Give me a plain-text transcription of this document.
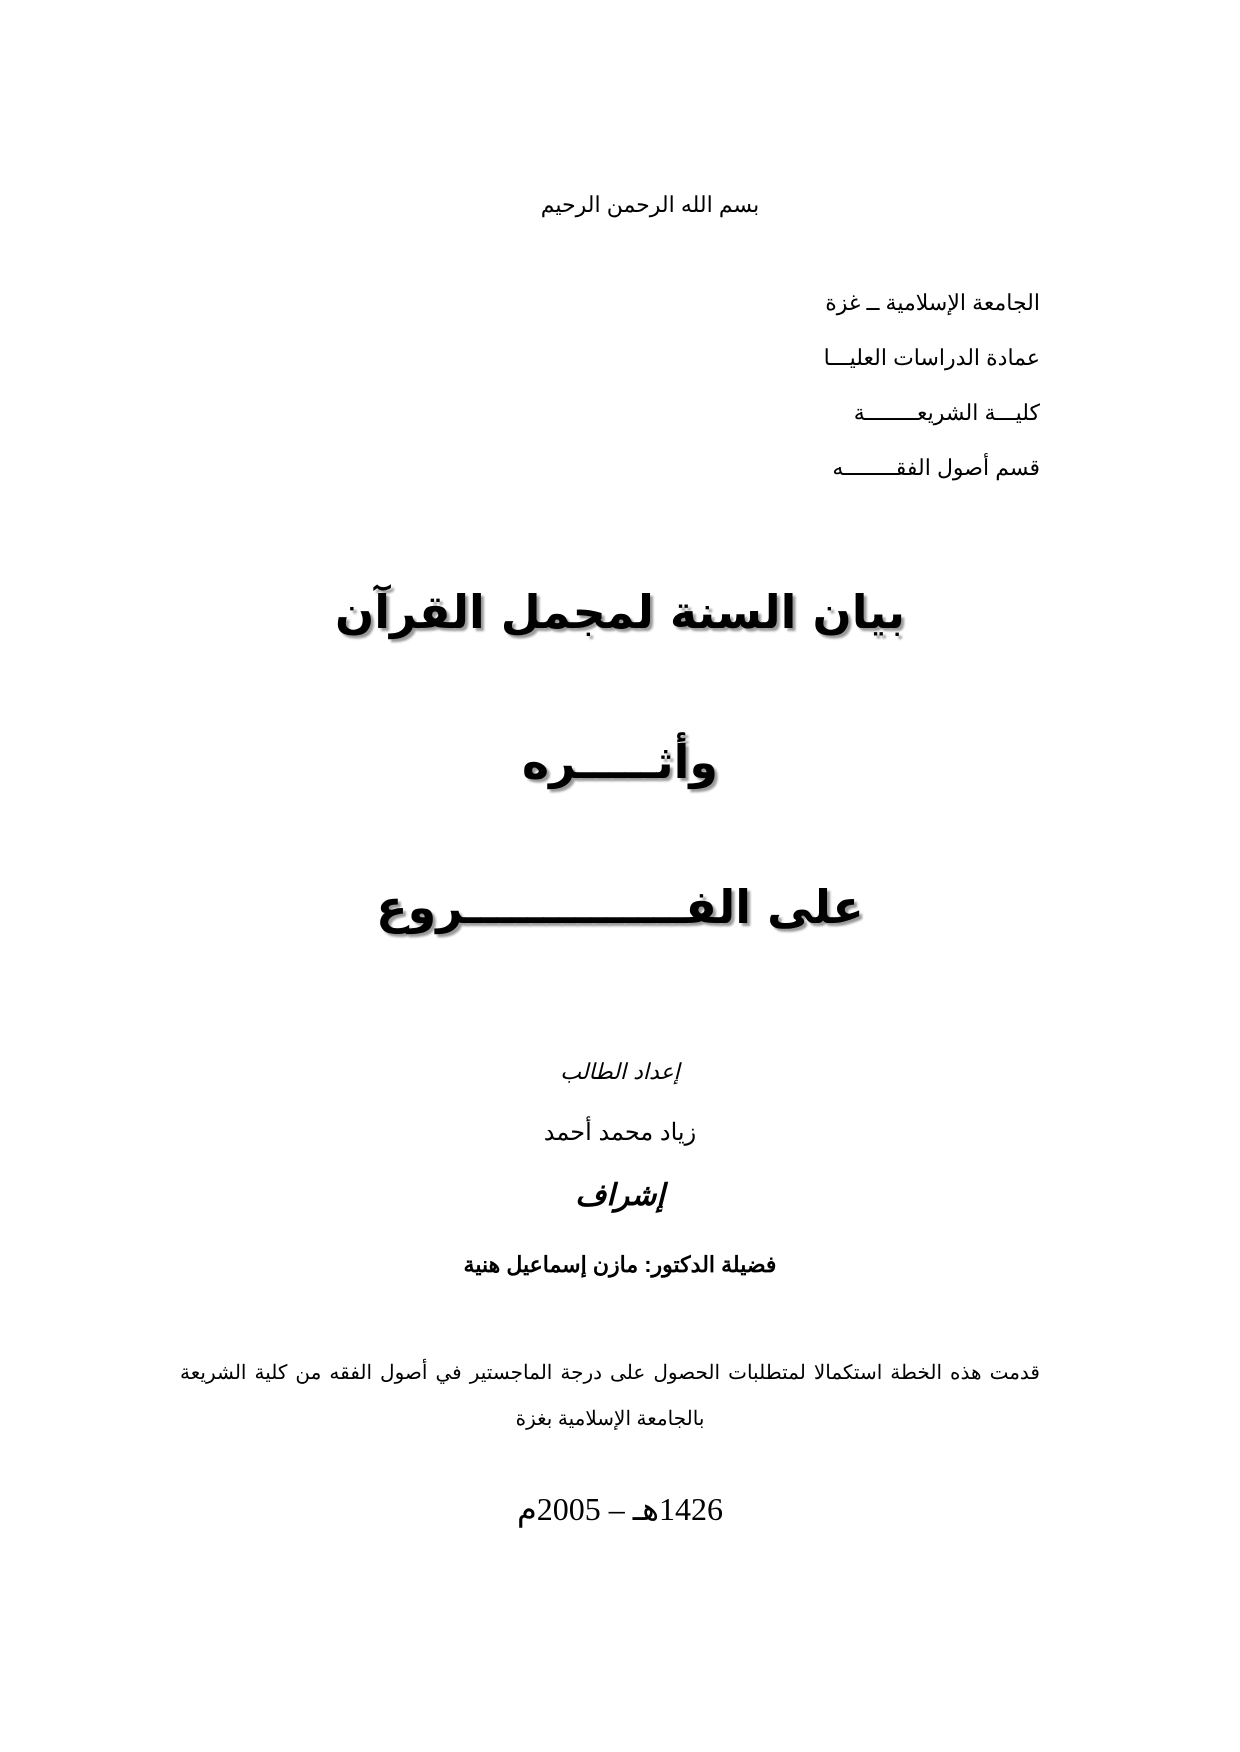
بسم الله الرحمن الرحيم
الجامعة الإسلامية ــ غزة
عمادة الدراسات العليـــا
كليـــة الشريعــــــــة
قسم أصول الفقــــــــه
بيان السنة لمجمل القرآن
وأثـــــره
على الفــــــــــــــروع
إعداد الطالب
زياد محمد أحمد
إشراف
فضيلة الدكتور: مازن إسماعيل هنية
قدمت هذه الخطة استكمالا لمتطلبات الحصول على درجة الماجستير في أصول الفقه من كلية الشريعة بالجامعة الإسلامية بغزة
1426هـ – 2005م
